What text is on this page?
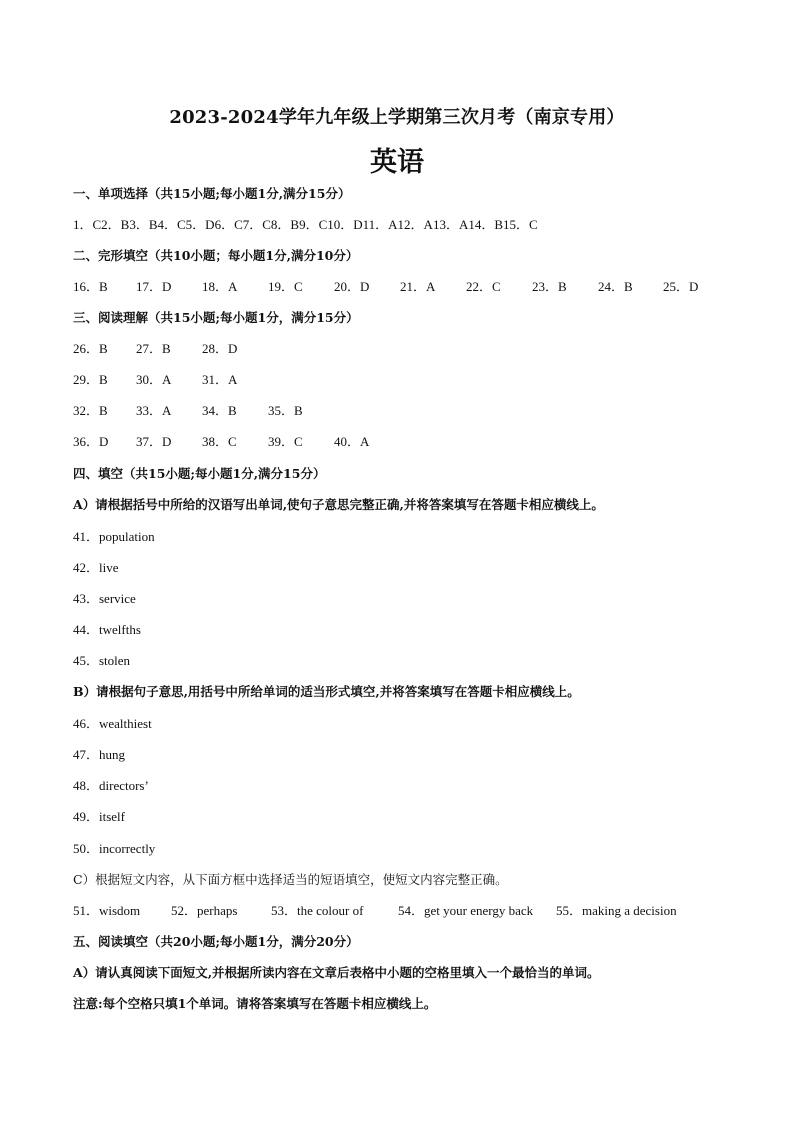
2023-2024学年九年级上学期第三次月考（南京专用）
英语
一、单项选择（共15小题;每小题1分,满分15分）
1．C2．B3．B4．C5．D6．C7．C8．B9．C10．D11．A12．A13．A14．B15．C
二、完形填空（共10小题；每小题1分,满分10分）
16．B 17．D 18．A 19．C 20．D 21．A 22．C 23．B 24．B 25．D
三、阅读理解（共15小题;每小题1分，满分15分）
26．B 27．B 28．D
29．B 30．A 31．A
32．B 33．A 34．B 35．B
36．D 37．D 38．C 39．C 40．A
四、填空（共15小题;每小题1分,满分15分）
A）请根据括号中所给的汉语写出单词,使句子意思完整正确,并将答案填写在答题卡相应横线上。
41．population
42．live
43．service
44．twelfths
45．stolen
B）请根据句子意思,用括号中所给单词的适当形式填空,并将答案填写在答题卡相应横线上。
46．wealthiest
47．hung
48．directors’
49．itself
50．incorrectly
C）根据短文内容，从下面方框中选择适当的短语填空，使短文内容完整正确。
51．wisdom 52．perhaps	53．the colour of	54．get your energy back 55．making a decision
五、阅读填空（共20小题;每小题1分，满分20分）
A）请认真阅读下面短文,并根据所读内容在文章后表格中小题的空格里填入一个最恰当的单词。
注意:每个空格只填1个单词。请将答案填写在答题卡相应横线上。
